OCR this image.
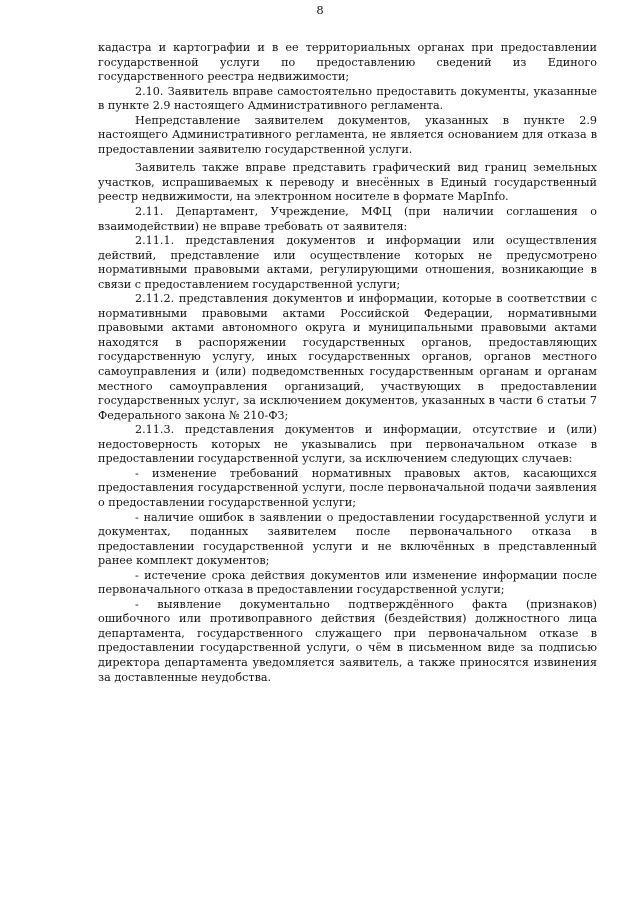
8

кадастра и картографии и в ее территориальных органах при предоставлении государственной услуги по предоставлению сведений из Единого государственного реестра недвижимости;

2.10. Заявитель вправе самостоятельно предоставить документы, указанные в пункте 2.9 настоящего Административного регламента.

Непредставление заявителем документов, указанных в пункте 2.9 настоящего Административного регламента, не является основанием для отказа в предоставлении заявителю государственной услуги.

Заявитель также вправе представить графический вид границ земельных участков, испрашиваемых к переводу и внесённых в Единый государственный реестр недвижимости, на электронном носителе в формате MapInfo.

2.11. Департамент, Учреждение, МФЦ (при наличии соглашения о взаимодействии) не вправе требовать от заявителя:

2.11.1. представления документов и информации или осуществления действий, представление или осуществление которых не предусмотрено нормативными правовыми актами, регулирующими отношения, возникающие в связи с предоставлением государственной услуги;

2.11.2. представления документов и информации, которые в соответствии с нормативными правовыми актами Российской Федерации, нормативными правовыми актами автономного округа и муниципальными правовыми актами находятся в распоряжении государственных органов, предоставляющих государственную услугу, иных государственных органов, органов местного самоуправления и (или) подведомственных государственным органам и органам местного самоуправления организаций, участвующих в предоставлении государственных услуг, за исключением документов, указанных в части 6 статьи 7 Федерального закона № 210-ФЗ;

2.11.3. представления документов и информации, отсутствие и (или) недостоверность которых не указывались при первоначальном отказе в предоставлении государственной услуги, за исключением следующих случаев:

- изменение требований нормативных правовых актов, касающихся предоставления государственной услуги, после первоначальной подачи заявления о предоставлении государственной услуги;

- наличие ошибок в заявлении о предоставлении государственной услуги и документах, поданных заявителем после первоначального отказа в предоставлении государственной услуги и не включённых в представленный ранее комплект документов;

- истечение срока действия документов или изменение информации после первоначального отказа в предоставлении государственной услуги;

- выявление документально подтверждённого факта (признаков) ошибочного или противоправного действия (бездействия) должностного лица департамента, государственного служащего при первоначальном отказе в предоставлении государственной услуги, о чём в письменном виде за подписью директора департамента уведомляется заявитель, а также приносятся извинения за доставленные неудобства.
